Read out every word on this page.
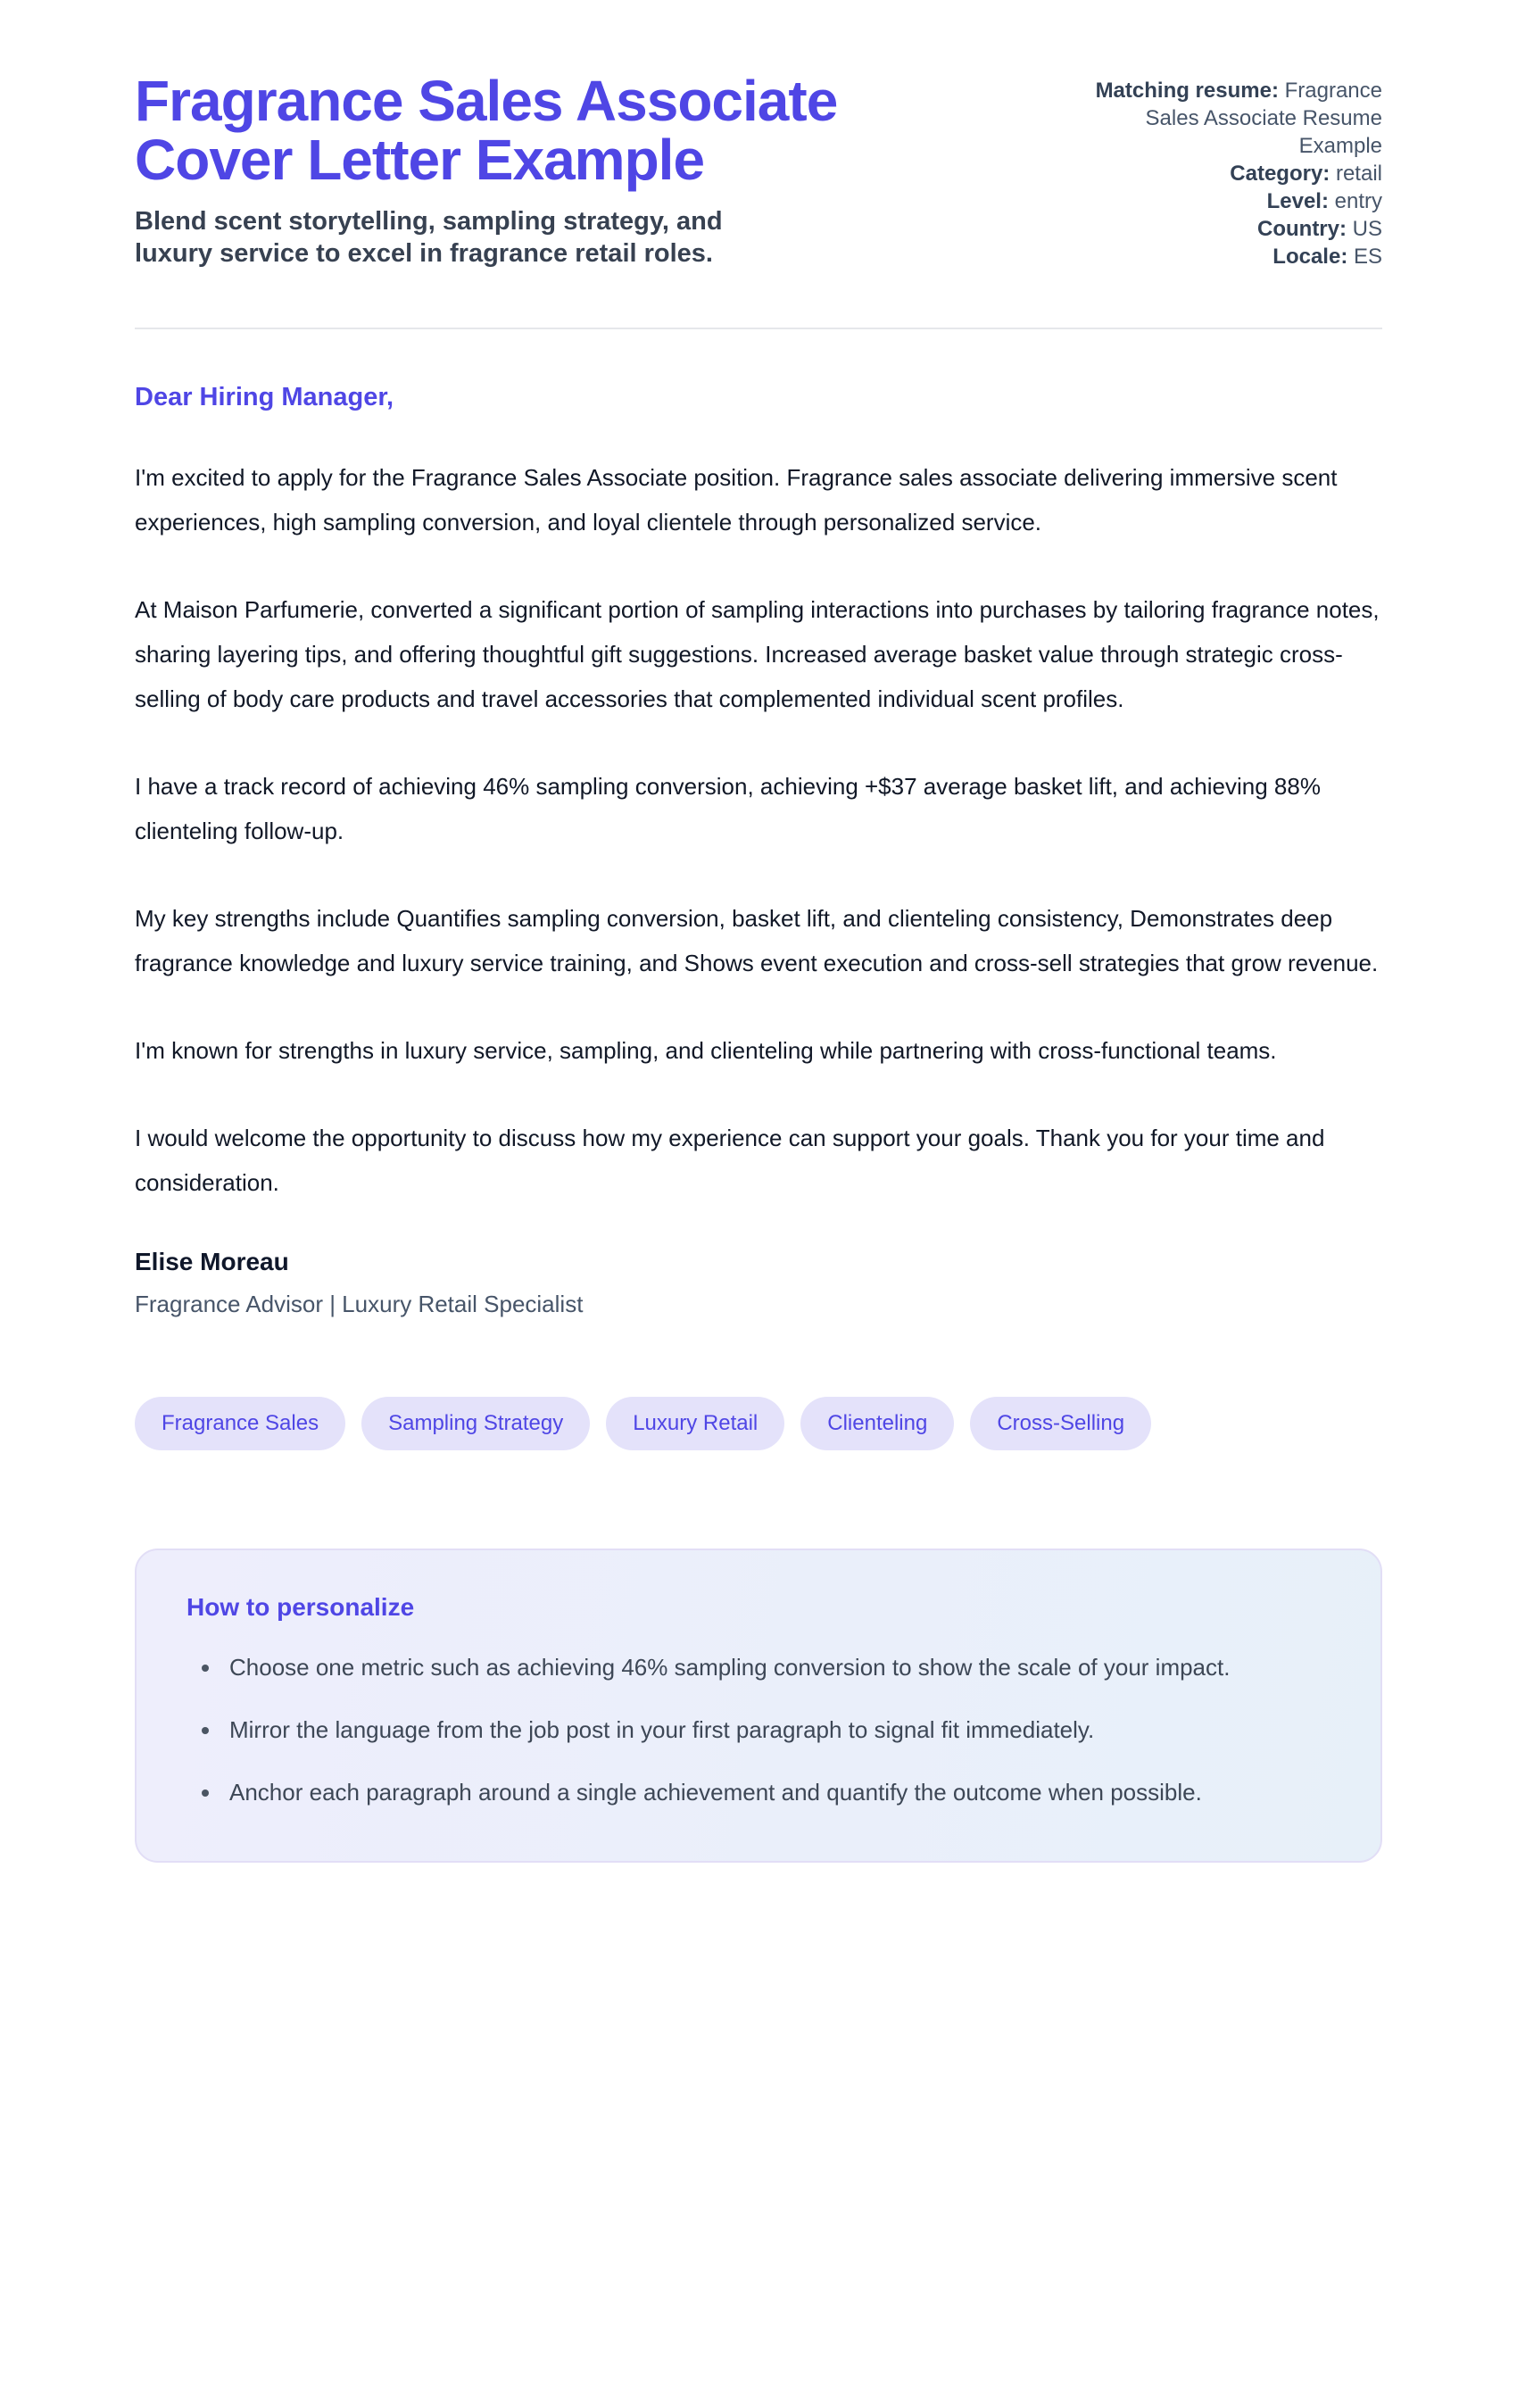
Fragrance Sales Associate Cover Letter Example
Blend scent storytelling, sampling strategy, and luxury service to excel in fragrance retail roles.
Matching resume: Fragrance Sales Associate Resume Example
Category: retail
Level: entry
Country: US
Locale: ES
Dear Hiring Manager,

I'm excited to apply for the Fragrance Sales Associate position. Fragrance sales associate delivering immersive scent experiences, high sampling conversion, and loyal clientele through personalized service.

At Maison Parfumerie, converted a significant portion of sampling interactions into purchases by tailoring fragrance notes, sharing layering tips, and offering thoughtful gift suggestions. Increased average basket value through strategic cross-selling of body care products and travel accessories that complemented individual scent profiles.

I have a track record of achieving 46% sampling conversion, achieving +$37 average basket lift, and achieving 88% clienteling follow-up.

My key strengths include Quantifies sampling conversion, basket lift, and clienteling consistency, Demonstrates deep fragrance knowledge and luxury service training, and Shows event execution and cross-sell strategies that grow revenue.

I'm known for strengths in luxury service, sampling, and clienteling while partnering with cross-functional teams.

I would welcome the opportunity to discuss how my experience can support your goals. Thank you for your time and consideration.

Elise Moreau
Fragrance Advisor | Luxury Retail Specialist
Fragrance Sales	Sampling Strategy	Luxury Retail	Clienteling	Cross-Selling
How to personalize
• Choose one metric such as achieving 46% sampling conversion to show the scale of your impact.
• Mirror the language from the job post in your first paragraph to signal fit immediately.
• Anchor each paragraph around a single achievement and quantify the outcome when possible.
